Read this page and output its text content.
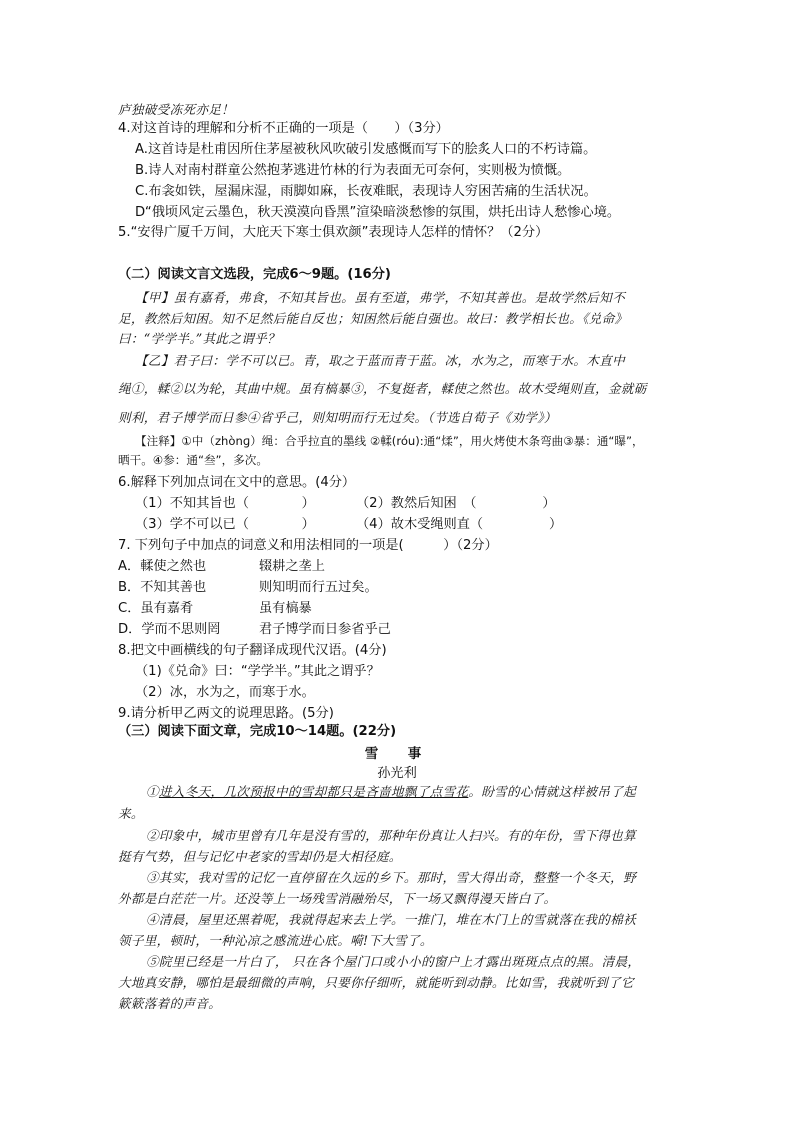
庐独破受冻死亦足！
4.对这首诗的理解和分析不正确的一项是（　　）（3分）
A.这首诗是杜甫因所住茅屋被秋风吹破引发感慨而写下的脍炙人口的不朽诗篇。
B.诗人对南村群童公然抱茅逃进竹林的行为表面无可奈何，实则极为愤慨。
C.布衾如铁，屋漏床湿，雨脚如麻，长夜难眠，表现诗人穷困苦痛的生活状况。
D“俄顷风定云墨色，秋天漠漠向昏黑”渲染暗淡愁惨的氛围，烘托出诗人愁惨心境。
5.“安得广厦千万间，大庇天下寒士俱欢颜”表现诗人怎样的情怀？（2分）
（二）阅读文言文选段，完成6～9题。(16分)
【甲】虽有嘉肴，弗食，不知其旨也。虽有至道，弗学，不知其善也。是故学然后知不
足，教然后知困。知不足然后能自反也；知困然后能自强也。故曰：教学相长也。《兑命》
曰：“学学半。”其此之谓乎？
【乙】君子曰：学不可以已。青，取之于蓝而青于蓝。冰，水为之，而寒于水。木直中
绳①，輮②以为轮，其曲中规。虽有槁暴③，不复挺者，輮使之然也。故木受绳则直，金就砺
则利，君子博学而日参④省乎己，则知明而行无过矣。（节选自荀子《劝学》）
【注释】①中（zhònɡ）绳：合乎拉直的墨线 ②輮(róu):通“煣”，用火烤使木条弯曲③暴：通“曝”，
晒干。④参：通“叁”，多次。
6.解释下列加点词在文中的意思。(4分）
（1）不知其旨也（　　　　）	（2）教然后知困　（　　　　　）
（3）学不可以已（　　　　）	（4）故木受绳则直（　　　　　）
7. 下列句子中加点的词意义和用法相同的一项是(　　　）（2分）
A．輮使之然也	辍耕之垄上
B．不知其善也	则知明而行五过矣。
C．虽有嘉肴	虽有槁暴
D．学而不思则罔	君子博学而日参省乎己
8.把文中画横线的句子翻译成现代汉语。(4分)
（1)《兑命》曰：“学学半。”其此之谓乎？
（2）冰，水为之，而寒于水。
9.请分析甲乙两文的说理思路。(5分)
（三）阅读下面文章，完成10～14题。(22分)
雪　事
孙光利
①进入冬天，几次预报中的雪却都只是吝啬地飘了点雪花。盼雪的心情就这样被吊了起
来。
②印象中，城市里曾有几年是没有雪的，那种年份真让人扫兴。有的年份，雪下得也算
挺有气势，但与记忆中老家的雪却仍是大相径庭。
③其实，我对雪的记忆一直停留在久远的乡下。那时，雪大得出奇，整整一个冬天，野
外都是白茫茫一片。还没等上一场残雪消融殆尽，下一场又飘得漫天皆白了。
④清晨，屋里还黑着呢，我就得起来去上学。一推门，堆在木门上的雪就落在我的棉袄
领子里，顿时，一种沁凉之感流进心底。嗬!下大雪了。
⑤院里已经是一片白了， 只在各个屋门口或小小的窗户上才露出斑斑点点的黑。清晨，
大地真安静，哪怕是最细微的声响，只要你仔细听，就能听到动静。比如雪，我就听到了它
簌簌落着的声音。
